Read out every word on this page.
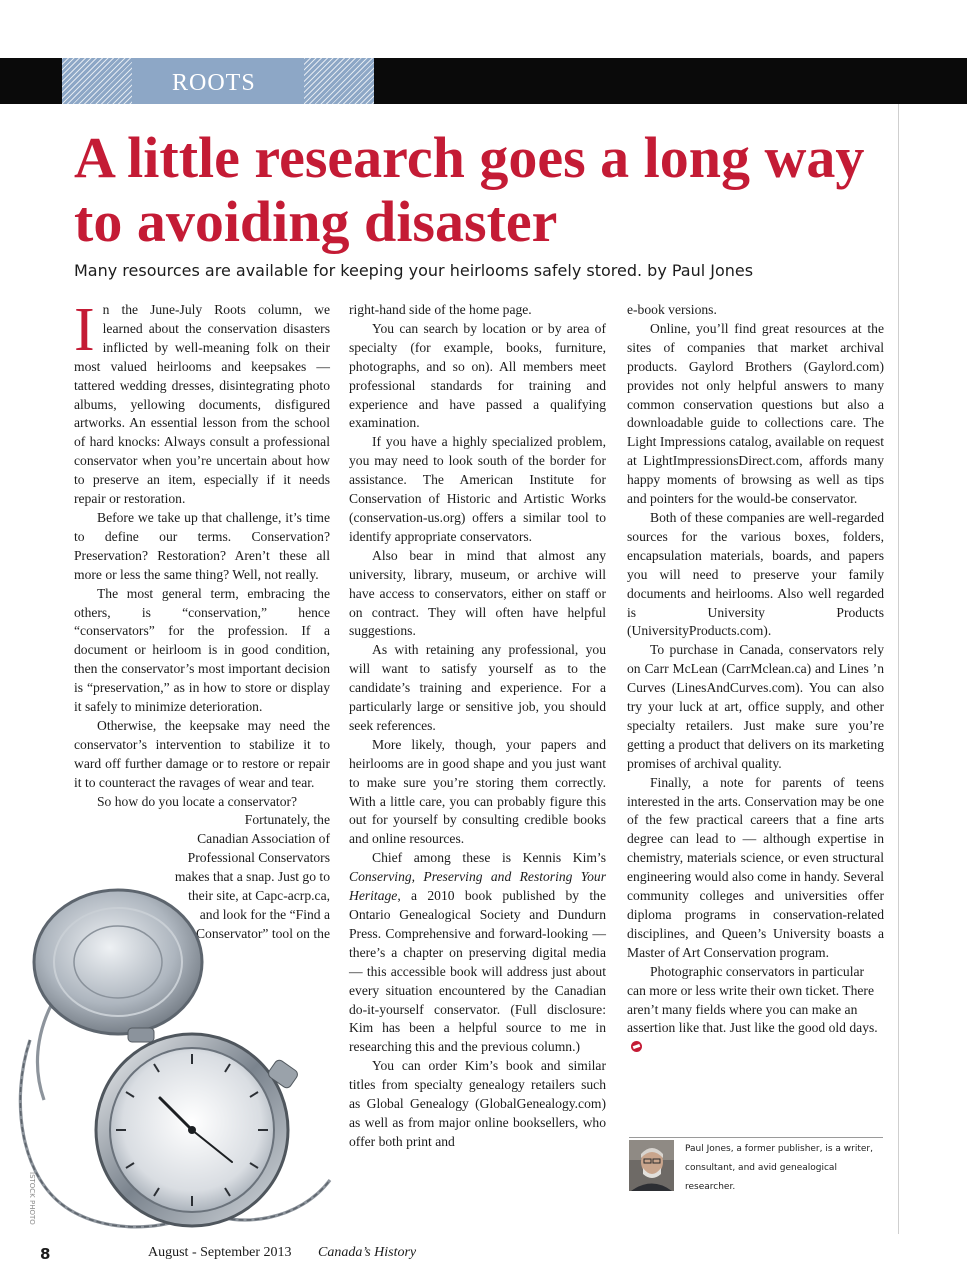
ROOTS
A little research goes a long way to avoiding disaster

Many resources are available for keeping your heirlooms safely stored. by Paul Jones

In the June-July Roots column, we learned about the conservation disasters inflicted by well-meaning folk on their most valued heirlooms and keepsakes — tattered wedding dresses, disintegrating photo albums, yellowing documents, disfigured artworks. An essential lesson from the school of hard knocks: Always consult a professional conservator when you’re uncertain about how to preserve an item, especially if it needs repair or restoration.

Before we take up that challenge, it’s time to define our terms. Conservation? Preservation? Restoration? Aren’t these all more or less the same thing? Well, not really.

The most general term, embracing the others, is “conservation,” hence “conservators” for the profession. If a document or heirloom is in good condition, then the conservator’s most important decision is “preservation,” as in how to store or display it safely to minimize deterioration.

Otherwise, the keepsake may need the conservator’s intervention to stabilize it to ward off further damage or to restore or repair it to counteract the ravages of wear and tear.

So how do you locate a conservator?

Fortunately, the Canadian Association of Professional Conservators makes that a snap. Just go to their site, at Capc-acrp.ca, and look for the “Find a Conservator” tool on the

right-hand side of the home page.

You can search by location or by area of specialty (for example, books, furniture, photographs, and so on). All members meet professional standards for training and experience and have passed a qualifying examination.

If you have a highly specialized problem, you may need to look south of the border for assistance. The American Institute for Conservation of Historic and Artistic Works (conservation-us.org) offers a similar tool to identify appropriate conservators.

Also bear in mind that almost any university, library, museum, or archive will have access to conservators, either on staff or on contract. They will often have helpful suggestions.

As with retaining any professional, you will want to satisfy yourself as to the candidate’s training and experience. For a particularly large or sensitive job, you should seek references.

More likely, though, your papers and heirlooms are in good shape and you just want to make sure you’re storing them correctly. With a little care, you can probably figure this out for yourself by consulting credible books and online resources.

Chief among these is Kennis Kim’s Conserving, Preserving and Restoring Your Heritage, a 2010 book published by the Ontario Genealogical Society and Dundurn Press. Comprehensive and forward-looking — there’s a chapter on preserving digital media — this accessible book will address just about every situation encountered by the Canadian do-it-yourself conservator. (Full disclosure: Kim has been a helpful source to me in researching this and the previous column.)

You can order Kim’s book and similar titles from specialty genealogy retailers such as Global Genealogy (GlobalGenealogy.com) as well as from major online booksellers, who offer both print and

e-book versions.

Online, you’ll find great resources at the sites of companies that market archival products. Gaylord Brothers (Gaylord.com) provides not only helpful answers to many common conservation questions but also a downloadable guide to collections care. The Light Impressions catalog, available on request at LightImpressionsDirect.com, affords many happy moments of browsing as well as tips and pointers for the would-be conservator.

Both of these companies are well-regarded sources for the various boxes, folders, encapsulation materials, boards, and papers you will need to preserve your family documents and heirlooms. Also well regarded is University Products (UniversityProducts.com).

To purchase in Canada, conservators rely on Carr McLean (CarrMclean.ca) and Lines ’n Curves (LinesAndCurves.com). You can also try your luck at art, office supply, and other specialty retailers. Just make sure you’re getting a product that delivers on its marketing promises of archival quality.

Finally, a note for parents of teens interested in the arts. Conservation may be one of the few practical careers that a fine arts degree can lead to — although expertise in chemistry, materials science, or even structural engineering would also come in handy. Several community colleges and universities offer diploma programs in conservation-related disciplines, and Queen’s University boasts a Master of Art Conservation program.

Photographic conservators in particular can more or less write their own ticket. There aren’t many fields where you can make an assertion like that. Just like the good old days.

ISTOCK PHOTO
Paul Jones, a former publisher, is a writer, consultant, and avid genealogical researcher.
8	August - September 2013 Canada’s History
